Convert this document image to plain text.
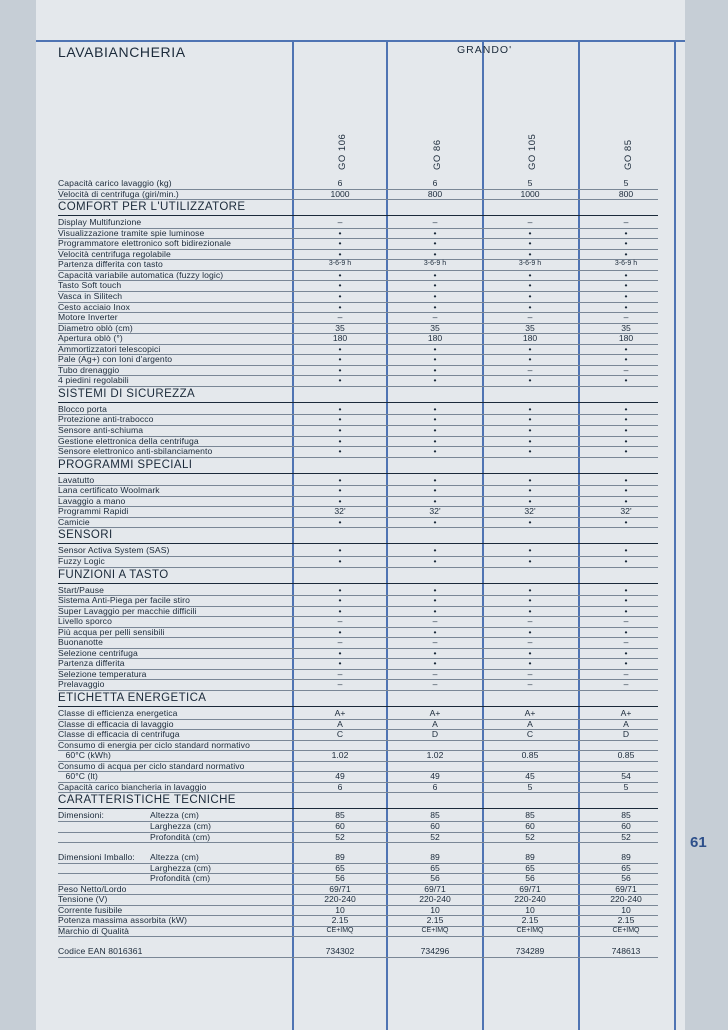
LAVABIANCHERIA	GRANDO'
GO 106	GO 86	GO 105	GO 85
Capacità carico lavaggio (kg)	6	6	5	5
Velocità di centrifuga (giri/min.)	1000	800	1000	800
COMFORT PER L'UTILIZZATORE
Display Multifunzione	–	–	–	–
Visualizzazione tramite spie luminose	•	•	•	•
Programmatore elettronico soft bidirezionale	•	•	•	•
Velocità centrifuga regolabile	•	•	•	•
Partenza differita con tasto	3-6-9 h	3-6-9 h	3-6-9 h	3-6-9 h
Capacità variabile automatica (fuzzy logic)	•	•	•	•
Tasto Soft touch	•	•	•	•
Vasca in Silitech	•	•	•	•
Cesto acciaio Inox	•	•	•	•
Motore Inverter	–	–	–	–
Diametro oblò (cm)	35	35	35	35
Apertura oblò (°)	180	180	180	180
Ammortizzatori telescopici	•	•	•	•
Pale (Ag+) con Ioni d'argento	•	•	•	•
Tubo drenaggio	•	•	–	–
4 piedini regolabili	•	•	•	•
SISTEMI DI SICUREZZA
Blocco porta	•	•	•	•
Protezione anti-trabocco	•	•	•	•
Sensore anti-schiuma	•	•	•	•
Gestione elettronica della centrifuga	•	•	•	•
Sensore elettronico anti-sbilanciamento	•	•	•	•
PROGRAMMI SPECIALI
Lavatutto	•	•	•	•
Lana certificato Woolmark	•	•	•	•
Lavaggio a mano	•	•	•	•
Programmi Rapidi	32'	32'	32'	32'
Camicie	•	•	•	•
SENSORI
Sensor Activa System (SAS)	•	•	•	•
Fuzzy Logic	•	•	•	•
FUNZIONI A TASTO
Start/Pause	•	•	•	•
Sistema Anti-Piega per facile stiro	•	•	•	•
Super Lavaggio per macchie difficili	•	•	•	•
Livello sporco	–	–	–	–
Più acqua per pelli sensibili	•	•	•	•
Buonanotte	–	–	–	–
Selezione centrifuga	•	•	•	•
Partenza differita	•	•	•	•
Selezione temperatura	–	–	–	–
Prelavaggio	–	–	–	–
ETICHETTA ENERGETICA
Classe di efficienza energetica	A+	A+	A+	A+
Classe di efficacia di lavaggio	A	A	A	A
Classe di efficacia di centrifuga	C	D	C	D
Consumo di energia per ciclo standard normativo
60°C (kWh)	1.02	1.02	0.85	0.85
Consumo di acqua per ciclo standard normativo
60°C (lt)	49	49	45	54
Capacità carico biancheria in lavaggio	6	6	5	5
CARATTERISTICHE TECNICHE
Dimensioni:	Altezza (cm)	85	85	85	85
Larghezza (cm)	60	60	60	60
Profondità (cm)	52	52	52	52
Dimensioni Imballo: Altezza (cm)	89	89	89	89
Larghezza (cm)	65	65	65	65
Profondità (cm)	56	56	56	56
Peso Netto/Lordo	69/71	69/71	69/71	69/71
Tensione (V)	220-240	220-240	220-240	220-240
Corrente fusibile	10	10	10	10
Potenza massima assorbita (kW)	2.15	2.15	2.15	2.15
Marchio di Qualità	CE+IMQ	CE+IMQ	CE+IMQ	CE+IMQ
Codice EAN 8016361	734302	734296	734289	748613
61
